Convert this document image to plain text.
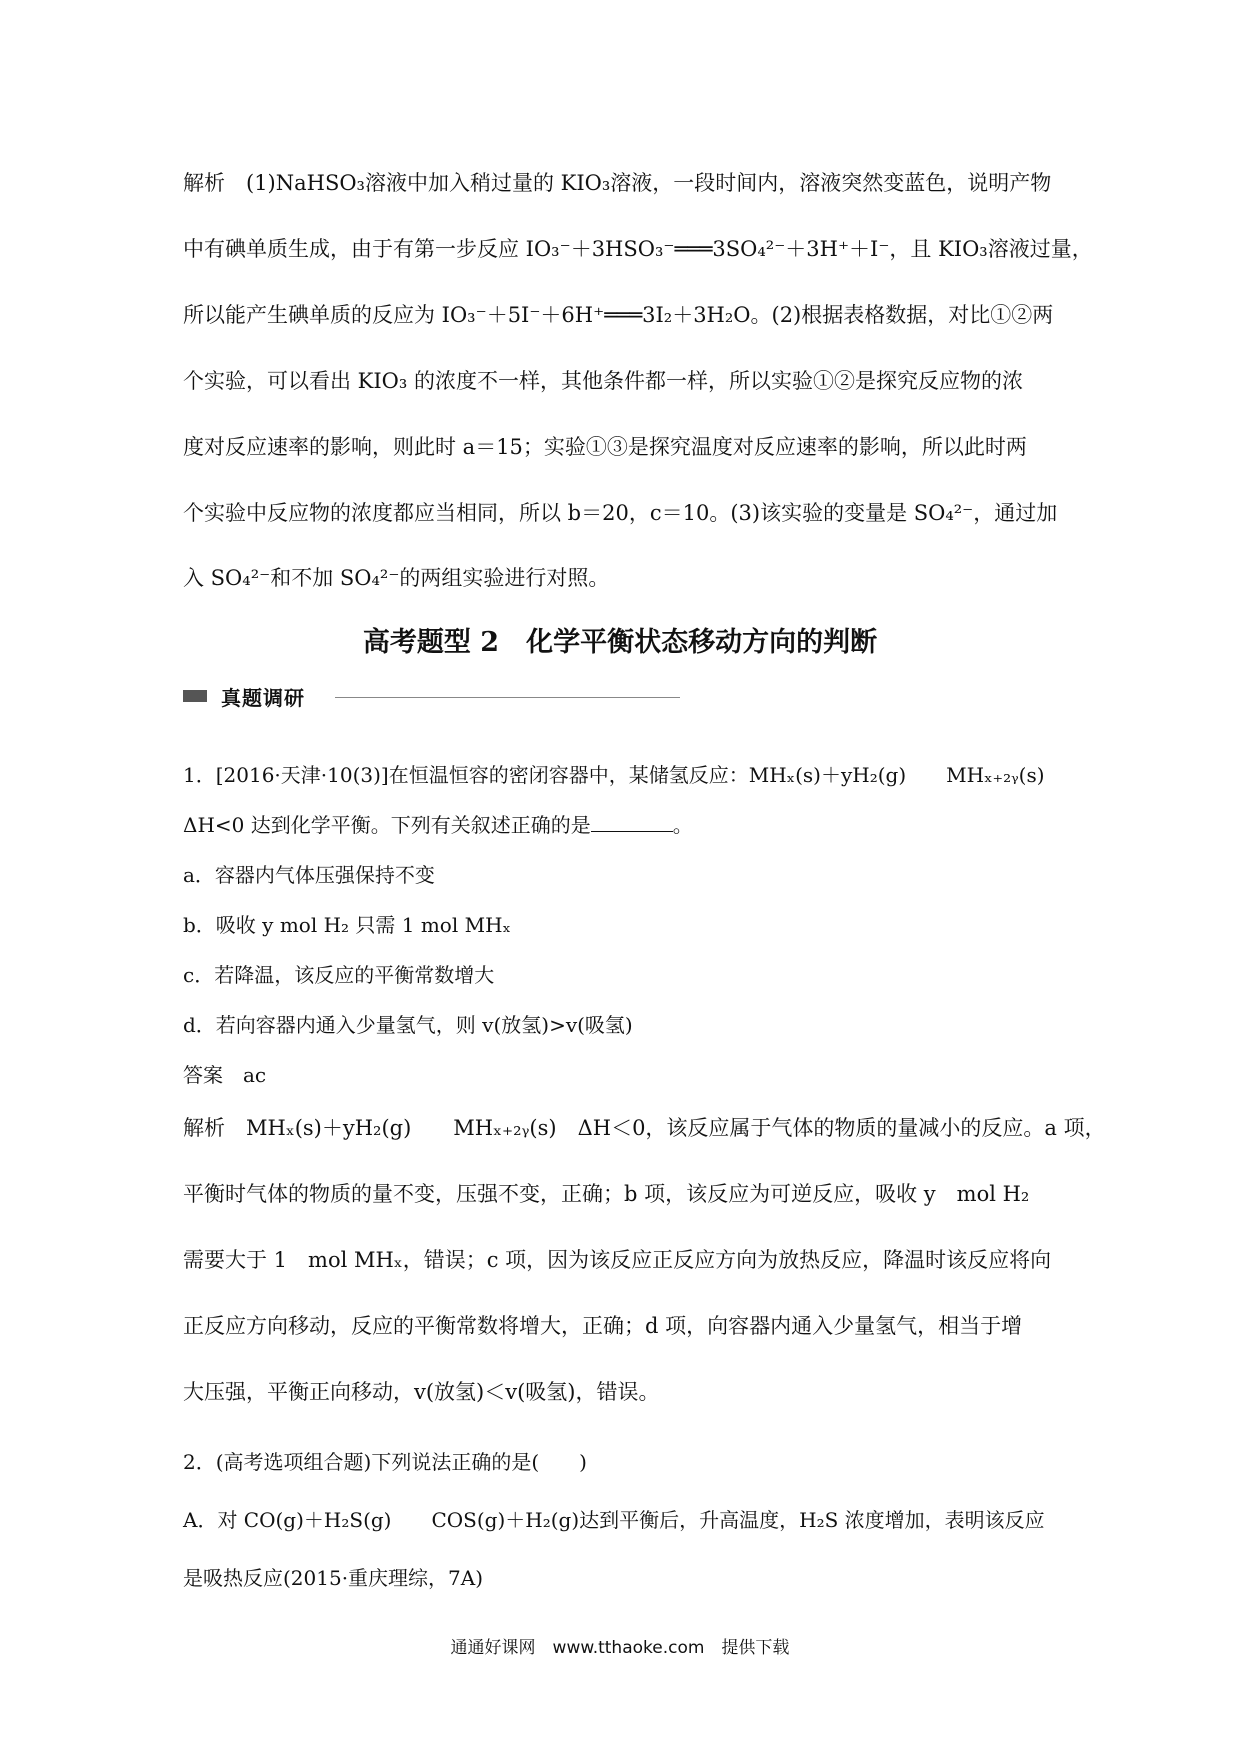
解析　(1)NaHSO₃溶液中加入稍过量的 KIO₃溶液，一段时间内，溶液突然变蓝色，说明产物
中有碘单质生成，由于有第一步反应 IO₃⁻＋3HSO₃⁻═══3SO₄²⁻＋3H⁺＋I⁻，且 KIO₃溶液过量，
所以能产生碘单质的反应为 IO₃⁻＋5I⁻＋6H⁺═══3I₂＋3H₂O。(2)根据表格数据，对比①②两
个实验，可以看出 KIO₃ 的浓度不一样，其他条件都一样，所以实验①②是探究反应物的浓
度对反应速率的影响，则此时 a＝15；实验①③是探究温度对反应速率的影响，所以此时两
个实验中反应物的浓度都应当相同，所以 b＝20，c＝10。(3)该实验的变量是 SO₄²⁻，通过加
入 SO₄²⁻和不加 SO₄²⁻的两组实验进行对照。
高考题型 2　化学平衡状态移动方向的判断
真题调研
1．[2016·天津·10(3)]在恒温恒容的密闭容器中，某储氢反应：MHₓ(s)＋yH₂(g)　　MHₓ₊₂ᵧ(s)
ΔH<0 达到化学平衡。下列有关叙述正确的是	。
a．容器内气体压强保持不变
b．吸收 y mol H₂ 只需 1 mol MHₓ
c．若降温，该反应的平衡常数增大
d．若向容器内通入少量氢气，则 v(放氢)>v(吸氢)
答案　ac
解析　MHₓ(s)＋yH₂(g)　　MHₓ₊₂ᵧ(s)　ΔH＜0，该反应属于气体的物质的量减小的反应。a 项，
平衡时气体的物质的量不变，压强不变，正确；b 项，该反应为可逆反应，吸收 y　mol H₂
需要大于 1　mol MHₓ，错误；c 项，因为该反应正反应方向为放热反应，降温时该反应将向
正反应方向移动，反应的平衡常数将增大，正确；d 项，向容器内通入少量氢气，相当于增
大压强，平衡正向移动，v(放氢)＜v(吸氢)，错误。
2．(高考选项组合题)下列说法正确的是(　　)
A．对 CO(g)＋H₂S(g)　　COS(g)＋H₂(g)达到平衡后，升高温度，H₂S 浓度增加，表明该反应
是吸热反应(2015·重庆理综，7A)
通通好课网　www.tthaoke.com　提供下载
